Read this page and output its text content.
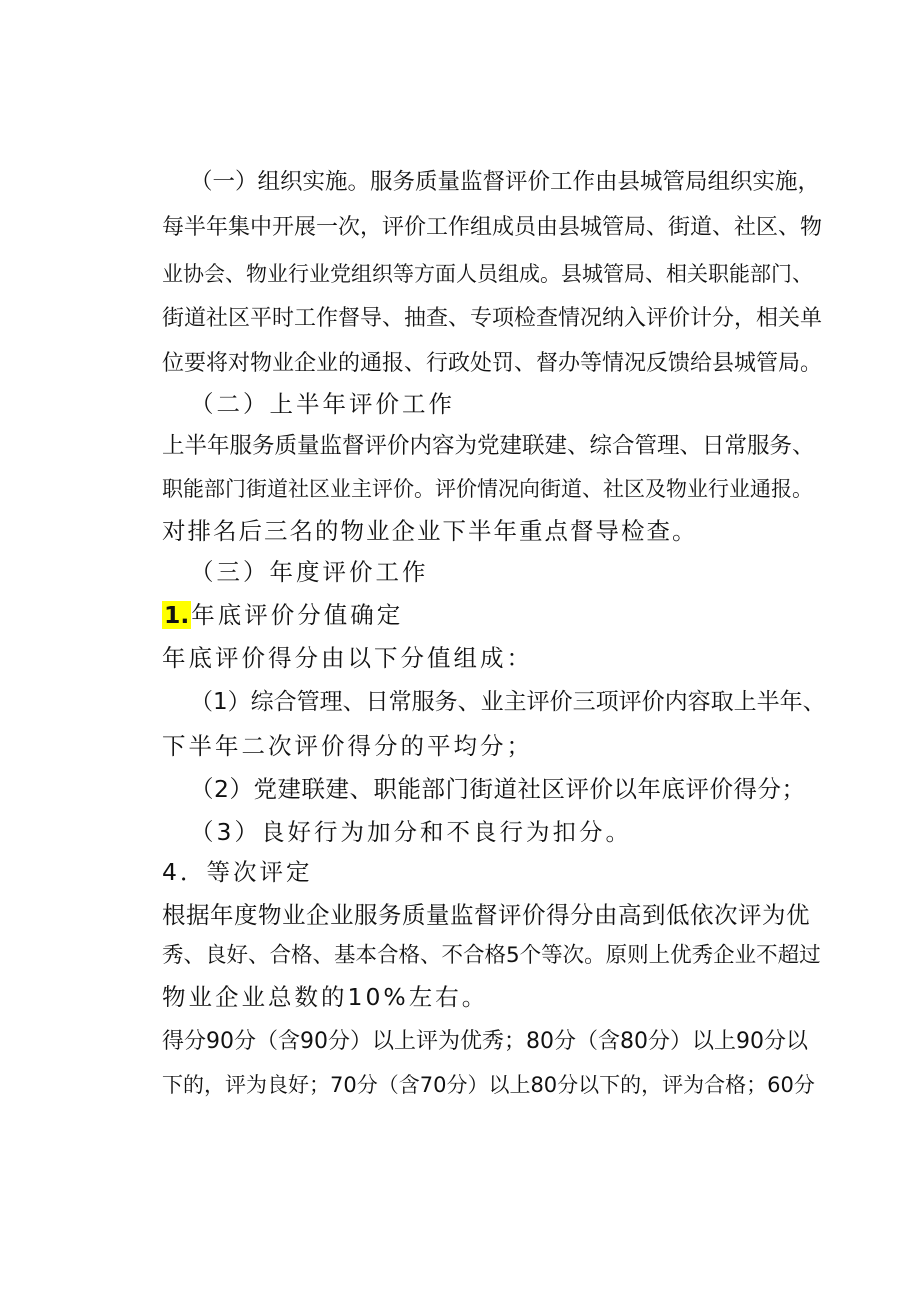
（一）组织实施。服务质量监督评价工作由县城管局组织实施，
每半年集中开展一次，评价工作组成员由县城管局、街道、社区、物
业协会、物业行业党组织等方面人员组成。县城管局、相关职能部门、
街道社区平时工作督导、抽查、专项检查情况纳入评价计分，相关单
位要将对物业企业的通报、行政处罚、督办等情况反馈给县城管局。
（二）上半年评价工作
上半年服务质量监督评价内容为党建联建、综合管理、日常服务、
职能部门街道社区业主评价。评价情况向街道、社区及物业行业通报。
对排名后三名的物业企业下半年重点督导检查。
（三）年度评价工作
1.年底评价分值确定
年底评价得分由以下分值组成：
（1）综合管理、日常服务、业主评价三项评价内容取上半年、
下半年二次评价得分的平均分；
（2）党建联建、职能部门街道社区评价以年底评价得分；
（3）良好行为加分和不良行为扣分。
4．等次评定
根据年度物业企业服务质量监督评价得分由高到低依次评为优
秀、良好、合格、基本合格、不合格5个等次。原则上优秀企业不超过
物业企业总数的10%左右。
得分90分（含90分）以上评为优秀；80分（含80分）以上90分以
下的，评为良好；70分（含70分）以上80分以下的，评为合格；60分
